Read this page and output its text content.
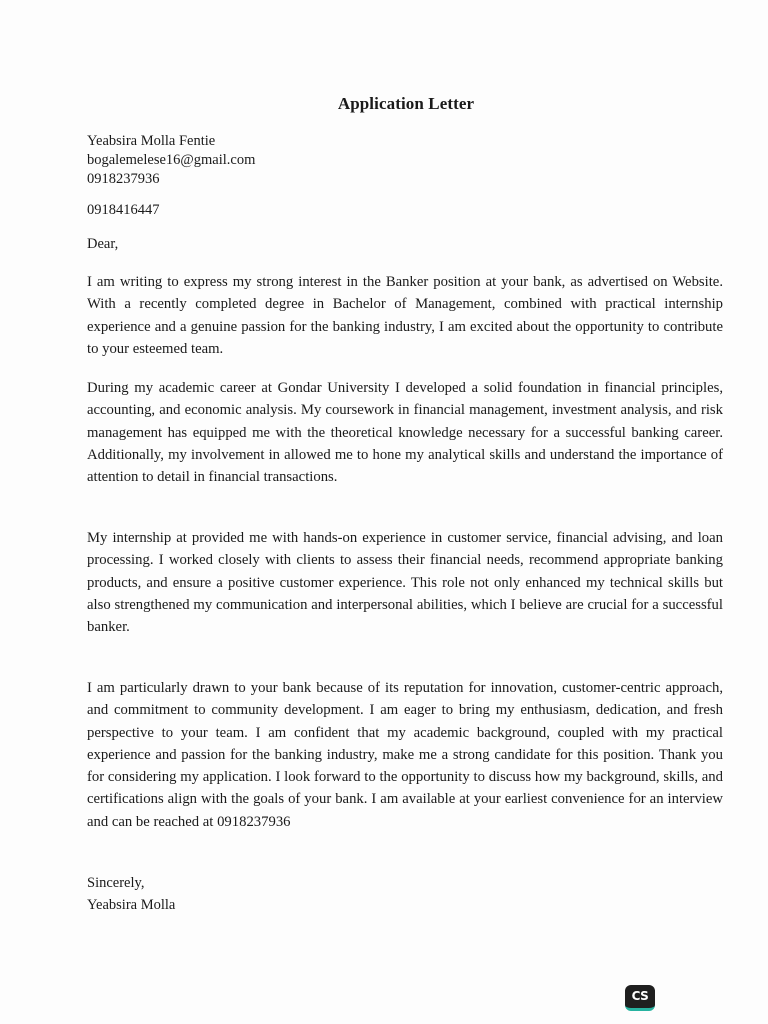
Application Letter
Yeabsira Molla Fentie
bogalemelese16@gmail.com
0918237936
0918416447
Dear,

I am writing to express my strong interest in the Banker position at your bank, as advertised on Website. With a recently completed degree in Bachelor of Management, combined with practical internship experience and a genuine passion for the banking industry, I am excited about the opportunity to contribute to your esteemed team.

During my academic career at Gondar University I developed a solid foundation in financial principles, accounting, and economic analysis. My coursework in financial management, investment analysis, and risk management has equipped me with the theoretical knowledge necessary for a successful banking career. Additionally, my involvement in allowed me to hone my analytical skills and understand the importance of attention to detail in financial transactions.

My internship at provided me with hands-on experience in customer service, financial advising, and loan processing. I worked closely with clients to assess their financial needs, recommend appropriate banking products, and ensure a positive customer experience. This role not only enhanced my technical skills but also strengthened my communication and interpersonal abilities, which I believe are crucial for a successful banker.

I am particularly drawn to your bank because of its reputation for innovation, customer-centric approach, and commitment to community development. I am eager to bring my enthusiasm, dedication, and fresh perspective to your team. I am confident that my academic background, coupled with my practical experience and passion for the banking industry, make me a strong candidate for this position. Thank you for considering my application. I look forward to the opportunity to discuss how my background, skills, and certifications align with the goals of your bank. I am available at your earliest convenience for an interview and can be reached at 0918237936

Sincerely,
Yeabsira Molla
CS
